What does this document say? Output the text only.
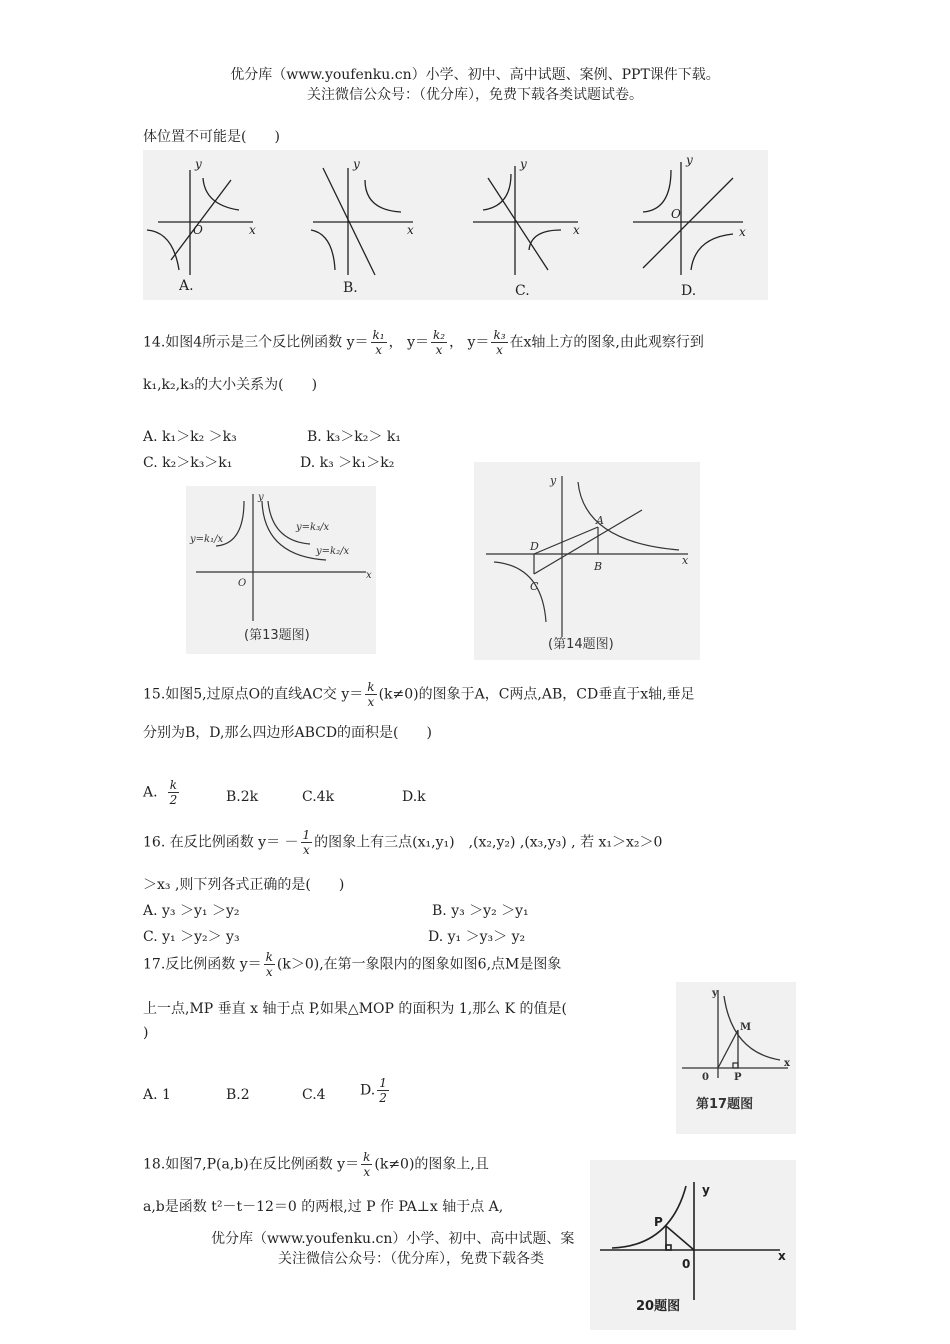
优分库（www.youfenku.cn）小学、初中、高中试题、案例、PPT课件下载。
关注微信公众号：（优分库），免费下载各类试题试卷。
体位置不可能是(　　)
y
x
O
y
x
y
x
y
x
O
A.	B.	C.	D.
14.如图4所示是三个反比例函数 $y= \frac{\text{k₁}}{x}$ ， $y= \frac{\text{k₂}}{x}$ ， $y= \frac{\text{k₃}}{x}$ 在x轴上方的图象,由此观察行到
k₁,k₂,k₃的大小关系为(　　)
A. k₁＞k₂ ＞k₃	B. k₃＞k₂＞ k₁
C. k₂＞k₃＞k₁	D. k₃ ＞k₁＞k₂
y
x
O
y=k₁/x
y=k₃/x
y=k₂/x
(第13题图)
y
x
A
B
C
D
(第14题图)
15.如图5,过原点O的直线AC交 $y= \frac{k}{x} (k\ne 0)$的图象于A，C两点,AB，CD垂直于x轴,垂足
分别为B，D,那么四边形ABCD的面积是(　　)
A. $\frac{k}{2}$	B.2k	C.4k	D.k
16. 在反比例函数 $y= - \frac{1}{x}$ 的图象上有三点(x₁,y₁)　,(x₂,y₂) ,(x₃,y₃) , 若 x₁＞x₂＞0
＞x₃ ,则下列各式正确的是(　　)
A. y₃ ＞y₁ ＞y₂	B. y₃ ＞y₂ ＞y₁
C. y₁ ＞y₂＞ y₃	D. y₁ ＞y₃＞ y₂
17.反比例函数 $y= \frac{k}{x} (k>0)$,在第一象限内的图象如图6,点M是图象
上一点,MP 垂直 x 轴于点 P,如果△MOP 的面积为 1,那么 K 的值是(
)
A. 1	B.2	C.4 D. $\frac{1}{2}$
y
x
0	P
M
第17题图
18.如图7,P(a,b)在反比例函数 $y= \frac{k}{x} (k\ne 0)$的图象上,且
a,b是函数 t²－t－12＝0 的两根,过 P 作 PA⊥x 轴于点 A,
优分库（www.youfenku.cn）小学、初中、高中试题、案
关注微信公众号：（优分库），免费下载各类
y
x
P
0
20题图
